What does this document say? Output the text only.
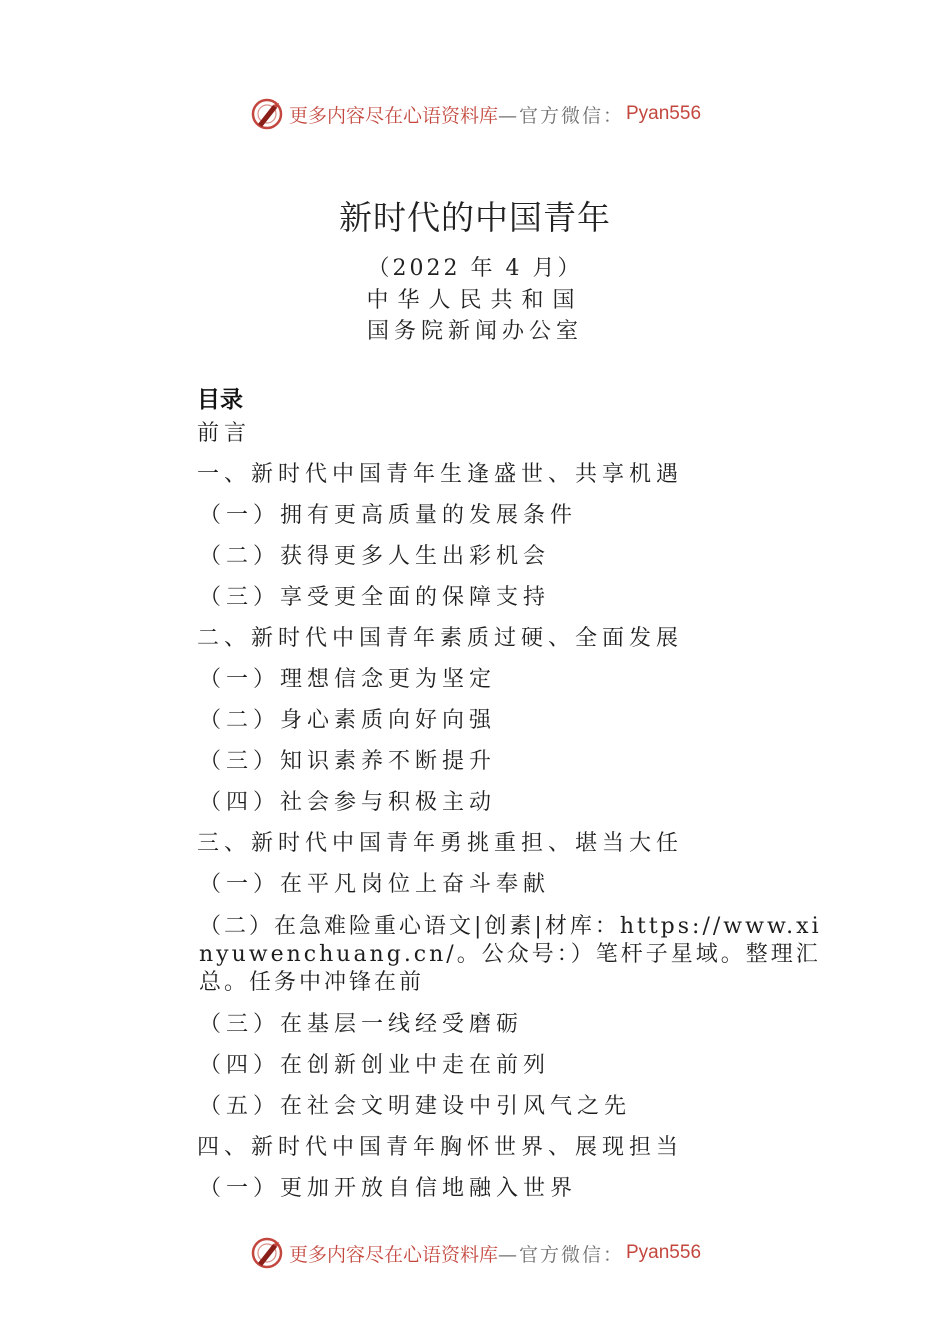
更多内容尽在心语资料库 —官方微信： Pyan556
新时代的中国青年
（2022 年 4 月）
中华人民共和国
国务院新闻办公室
目录
前言
一、新时代中国青年生逢盛世、共享机遇
（一）拥有更高质量的发展条件
（二）获得更多人生出彩机会
（三）享受更全面的保障支持
二、新时代中国青年素质过硬、全面发展
（一）理想信念更为坚定
（二）身心素质向好向强
（三）知识素养不断提升
（四）社会参与积极主动
三、新时代中国青年勇挑重担、堪当大任
（一）在平凡岗位上奋斗奉献
（二）在急难险重心语文|创素|材库：https://www.xinyuwenchuang.cn/。公众号：）笔杆子星域。整理汇总。任务中冲锋在前
（三）在基层一线经受磨砺
（四）在创新创业中走在前列
（五）在社会文明建设中引风气之先
四、新时代中国青年胸怀世界、展现担当
（一）更加开放自信地融入世界
更多内容尽在心语资料库 —官方微信： Pyan556
